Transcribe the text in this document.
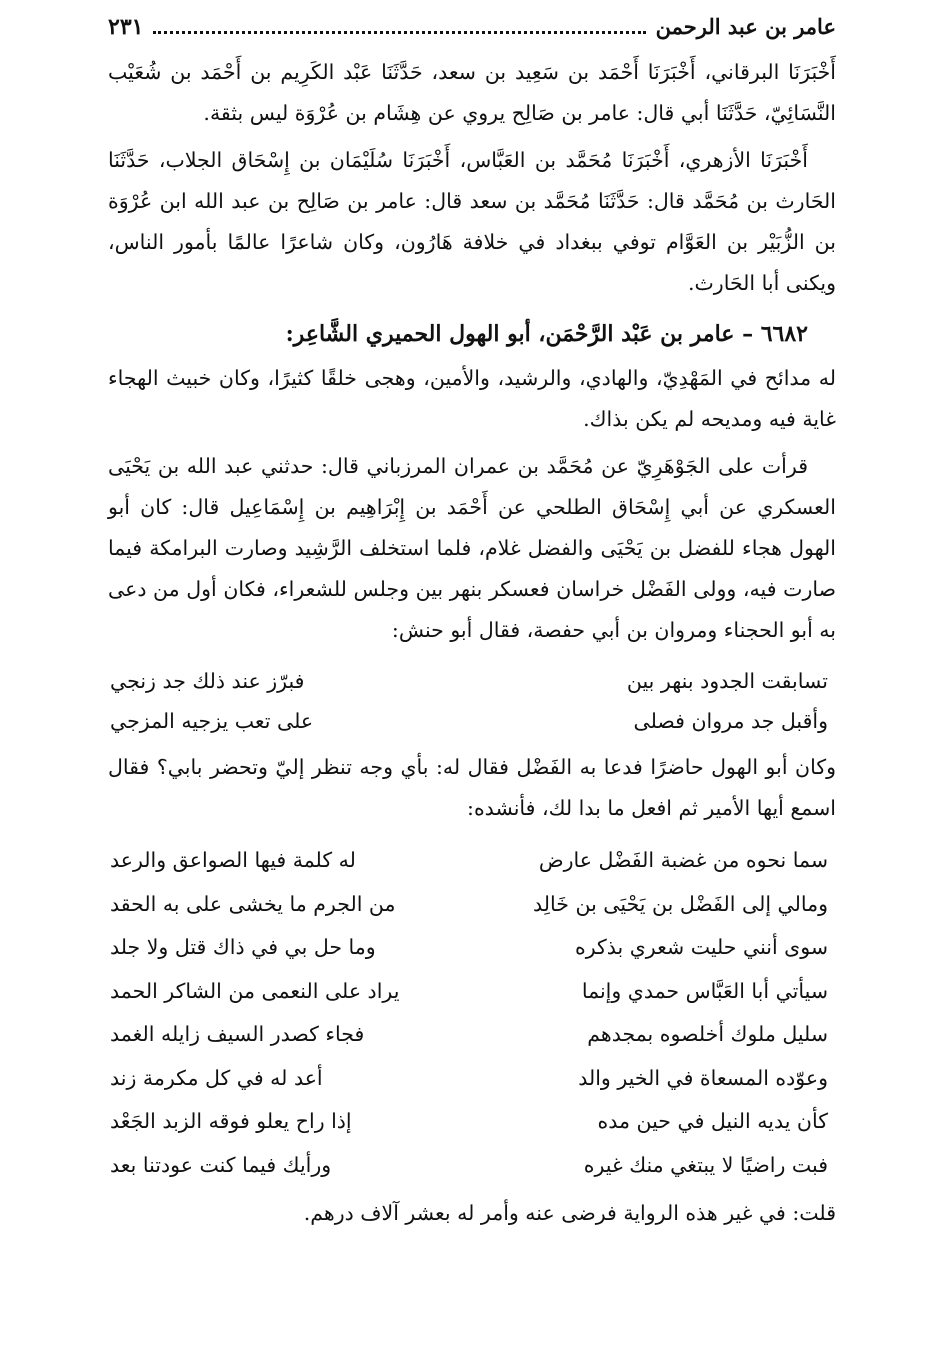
عامر بن عبد الرحمن
٢٣١

أَخْبَرَنَا البرقاني، أَخْبَرَنَا أَحْمَد بن سَعِيد بن سعد، حَدَّثَنَا عَبْد الكَرِيم بن أَحْمَد بن شُعَيْب النَّسَائِيّ، حَدَّثَنَا أبي قال: عامر بن صَالِح يروي عن هِشَام بن عُرْوَة ليس بثقة.

أَخْبَرَنَا الأزهري، أَخْبَرَنَا مُحَمَّد بن العَبَّاس، أَخْبَرَنَا سُلَيْمَان بن إِسْحَاق الجلاب، حَدَّثَنَا الحَارث بن مُحَمَّد قال: حَدَّثَنَا مُحَمَّد بن سعد قال: عامر بن صَالِح بن عبد الله ابن عُرْوَة بن الزُّبَيْر بن العَوَّام توفي ببغداد في خلافة هَارُون، وكان شاعرًا عالمًا بأمور الناس، ويكنى أبا الحَارث.

٦٦٨٢ – عامر بن عَبْد الرَّحْمَن، أبو الهول الحميري الشَّاعِر:

له مدائح في المَهْدِيّ، والهادي، والرشيد، والأمين، وهجى خلقًا كثيرًا، وكان خبيث الهجاء غاية فيه ومديحه لم يكن بذاك.

قرأت على الجَوْهَرِيّ عن مُحَمَّد بن عمران المرزباني قال: حدثني عبد الله بن يَحْيَى العسكري عن أبي إِسْحَاق الطلحي عن أَحْمَد بن إِبْرَاهِيم بن إِسْمَاعِيل قال: كان أبو الهول هجاء للفضل بن يَحْيَى والفضل غلام، فلما استخلف الرَّشِيد وصارت البرامكة فيما صارت فيه، وولى الفَضْل خراسان فعسكر بنهر بين وجلس للشعراء، فكان أول من دعى به أبو الحجناء ومروان بن أبي حفصة، فقال أبو حنش:

تسابقت الجدود بنهر بين
فبرّز عند ذلك جد زنجي
وأقبل جد مروان فصلى
على تعب يزجيه المزجي

وكان أبو الهول حاضرًا فدعا به الفَضْل فقال له: بأي وجه تنظر إليّ وتحضر بابي؟ فقال اسمع أيها الأمير ثم افعل ما بدا لك، فأنشده:

سما نحوه من غضبة الفَضْل عارض
له كلمة فيها الصواعق والرعد
ومالي إلى الفَضْل بن يَحْيَى بن خَالِد
من الجرم ما يخشى على به الحقد
سوى أنني حليت شعري بذكره
وما حل بي في ذاك قتل ولا جلد
سيأتي أبا العَبَّاس حمدي وإنما
يراد على النعمى من الشاكر الحمد
سليل ملوك أخلصوه بمجدهم
فجاء كصدر السيف زايله الغمد
وعوّده المسعاة في الخير والد
أعد له في كل مكرمة زند
كأن يديه النيل في حين مده
إذا راح يعلو فوقه الزبد الجَعْد
فبت راضيًا لا يبتغي منك غيره
ورأيك فيما كنت عودتنا بعد

قلت: في غير هذه الرواية فرضى عنه وأمر له بعشر آلاف درهم.
